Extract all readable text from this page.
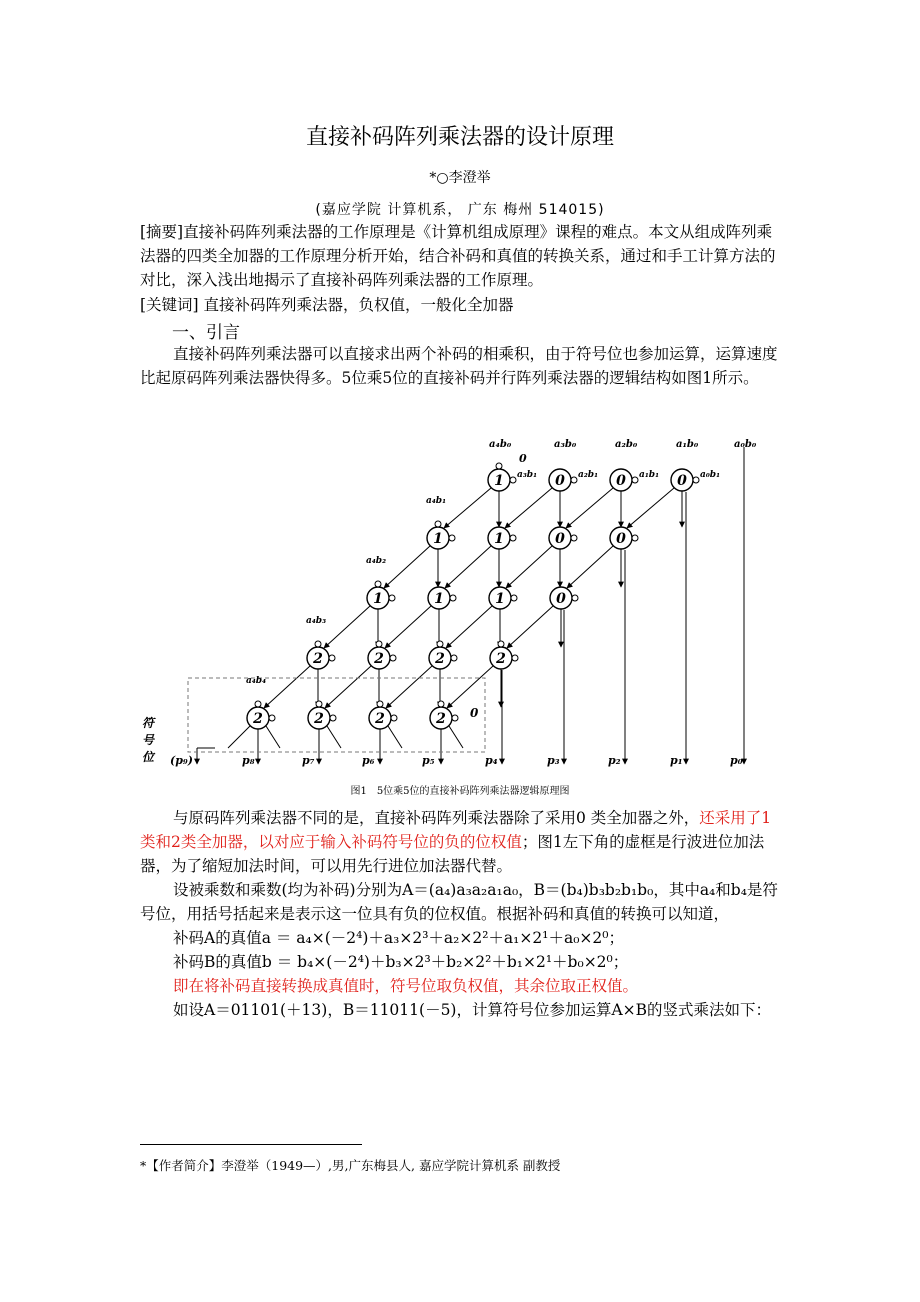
直接补码阵列乘法器的设计原理
*○李澄举
(嘉应学院 计算机系， 广东 梅州 514015)
[摘要]直接补码阵列乘法器的工作原理是《计算机组成原理》课程的难点。本文从组成阵列乘法器的四类全加器的工作原理分析开始，结合补码和真值的转换关系，通过和手工计算方法的对比，深入浅出地揭示了直接补码阵列乘法器的工作原理。
[关键词] 直接补码阵列乘法器，负权值，一般化全加器
一、引言
直接补码阵列乘法器可以直接求出两个补码的相乘积，由于符号位也参加运算，运算速度比起原码阵列乘法器快得多。5位乘5位的直接补码并行阵列乘法器的逻辑结构如图1所示。
1	0	0	0
1	1	0	0
1	1	1	0
2	2	2	2
2	2	2	2
a₄b₀	a₃b₀	a₂b₀	a₁b₀	a₀b₀
0
a₃b₁	a₂b₁	a₁b₁	a₀b₁
a₄b₁
a₄b₂
a₄b₃
a₄b₄
0
符
号
位 (p₉)	p₈	p₇	p₆	p₅	p₄	p₃	p₂	p₁	p₀
图1　5位乘5位的直接补码阵列乘法器逻辑原理图
与原码阵列乘法器不同的是，直接补码阵列乘法器除了采用0 类全加器之外，还采用了1类和2类全加器，以对应于输入补码符号位的负的位权值；图1左下角的虚框是行波进位加法器，为了缩短加法时间，可以用先行进位加法器代替。
设被乘数和乘数(均为补码)分别为A＝(a₄)a₃a₂a₁a₀，B＝(b₄)b₃b₂b₁b₀，其中a₄和b₄是符号位，用括号括起来是表示这一位具有负的位权值。根据补码和真值的转换可以知道，
补码A的真值a ＝ a₄×(－2⁴)＋a₃×2³＋a₂×2²＋a₁×2¹＋a₀×2⁰；
补码B的真值b ＝ b₄×(－2⁴)＋b₃×2³＋b₂×2²＋b₁×2¹＋b₀×2⁰；
即在将补码直接转换成真值时，符号位取负权值，其余位取正权值。
如设A＝01101(＋13)，B＝11011(－5)，计算符号位参加运算A×B的竖式乘法如下：
*【作者简介】李澄举（1949—）,男,广东梅县人, 嘉应学院计算机系 副教授
